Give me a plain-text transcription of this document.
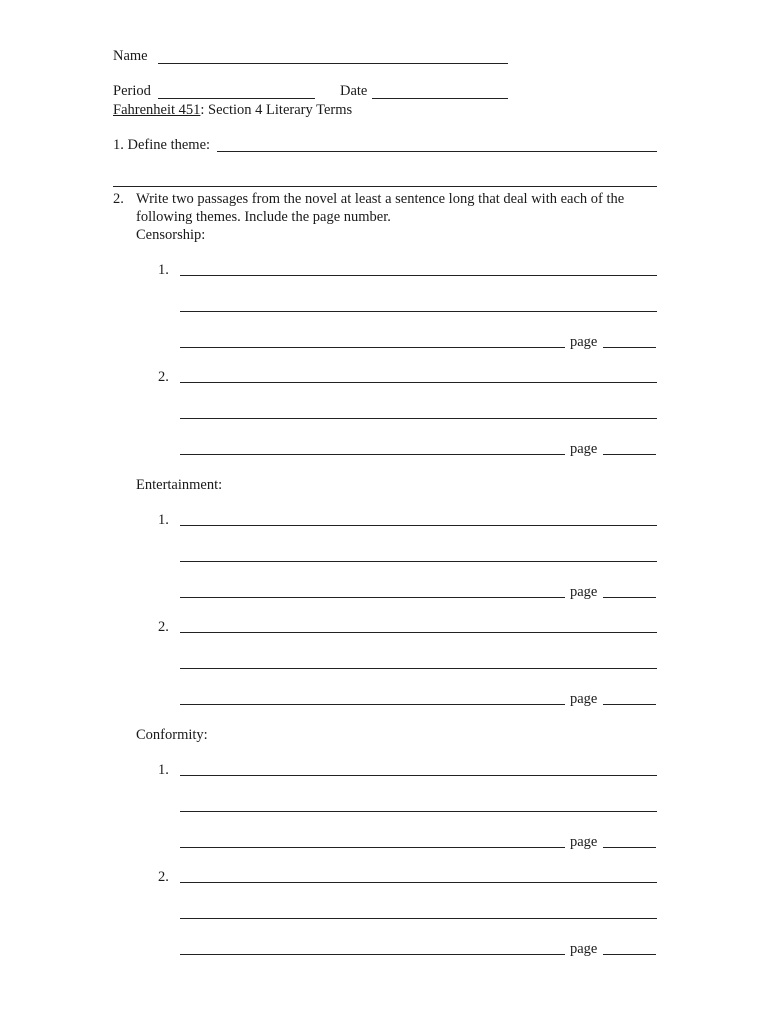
Name
Period	Date
Fahrenheit 451: Section 4 Literary Terms
1. Define theme:
2. Write two passages from the novel at least a sentence long that deal with each of the
following themes. Include the page number.
Censorship:
1.
page
2.
page
Entertainment:
1.
page
2.
page
Conformity:
1.
page
2.
page
